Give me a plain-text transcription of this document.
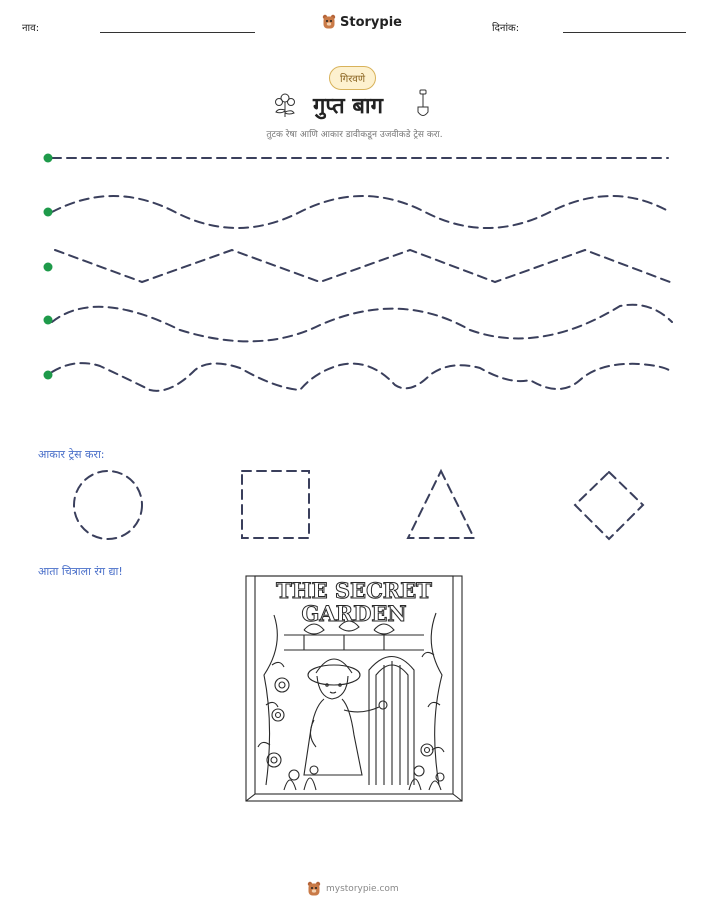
नाव:	Storypie	दिनांक:
गिरवणे
गुप्त बाग
तुटक रेषा आणि आकार डावीकडून उजवीकडे ट्रेस करा.
आकार ट्रेस करा:
आता चित्राला रंग द्या!
THE SECRET
GARDEN
mystorypie.com
